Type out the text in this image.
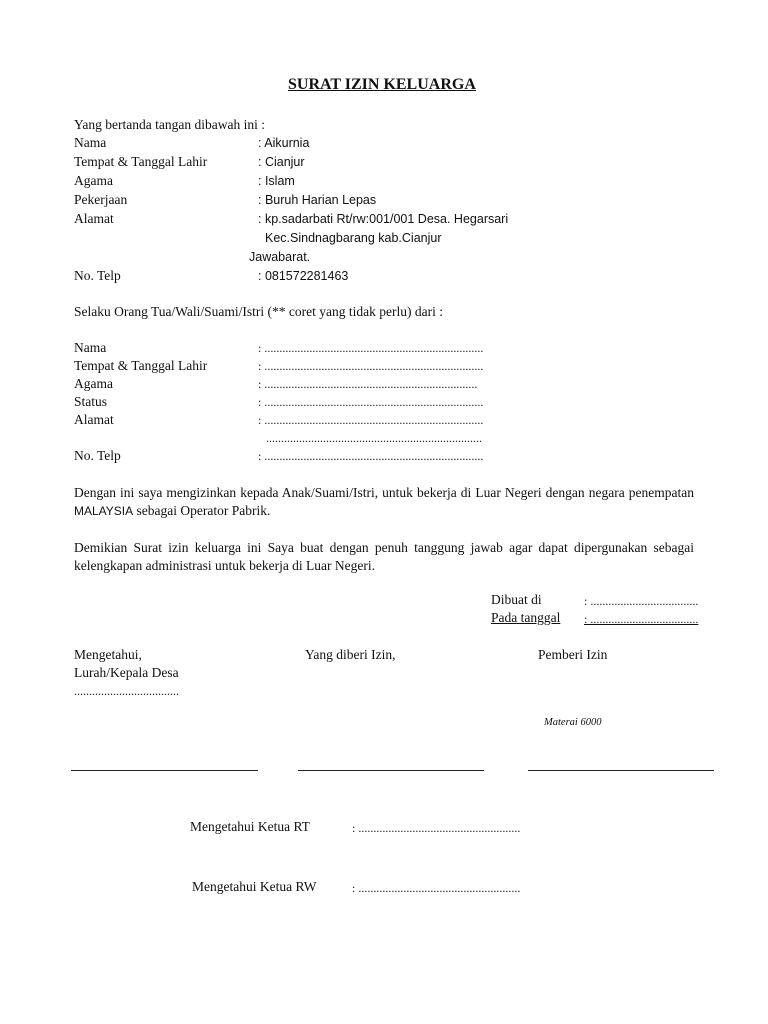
SURAT IZIN KELUARGA
Yang bertanda tangan dibawah ini :
Nama	: Aikurnia
Tempat & Tanggal Lahir	: Cianjur
Agama	: Islam
Pekerjaan	: Buruh Harian Lepas
Alamat	: kp.sadarbati Rt/rw:001/001 Desa. Hegarsari
Kec.Sindnagbarang kab.Cianjur
Jawabarat.
No. Telp	: 081572281463
Selaku Orang Tua/Wali/Suami/Istri (** coret yang tidak perlu) dari :
Nama	: .........................................................................
Tempat & Tanggal Lahir	: .........................................................................
Agama	: .......................................................................
Status	: .........................................................................
Alamat	: .........................................................................
........................................................................
No. Telp	: .........................................................................
Dengan ini saya mengizinkan kepada Anak/Suami/Istri, untuk bekerja di Luar Negeri dengan negara penempatan MALAYSIA sebagai Operator Pabrik.
Demikian Surat izin keluarga ini Saya buat dengan penuh tanggung jawab agar dapat dipergunakan sebagai kelengkapan administrasi untuk bekerja di Luar Negeri.
Dibuat di	: ....................................
Pada tanggal : ....................................
Mengetahui,
Lurah/Kepala Desa
...................................
Yang diberi Izin,	Pemberi Izin
Materai 6000
Mengetahui Ketua RT	: ......................................................
Mengetahui Ketua RW	: ......................................................
